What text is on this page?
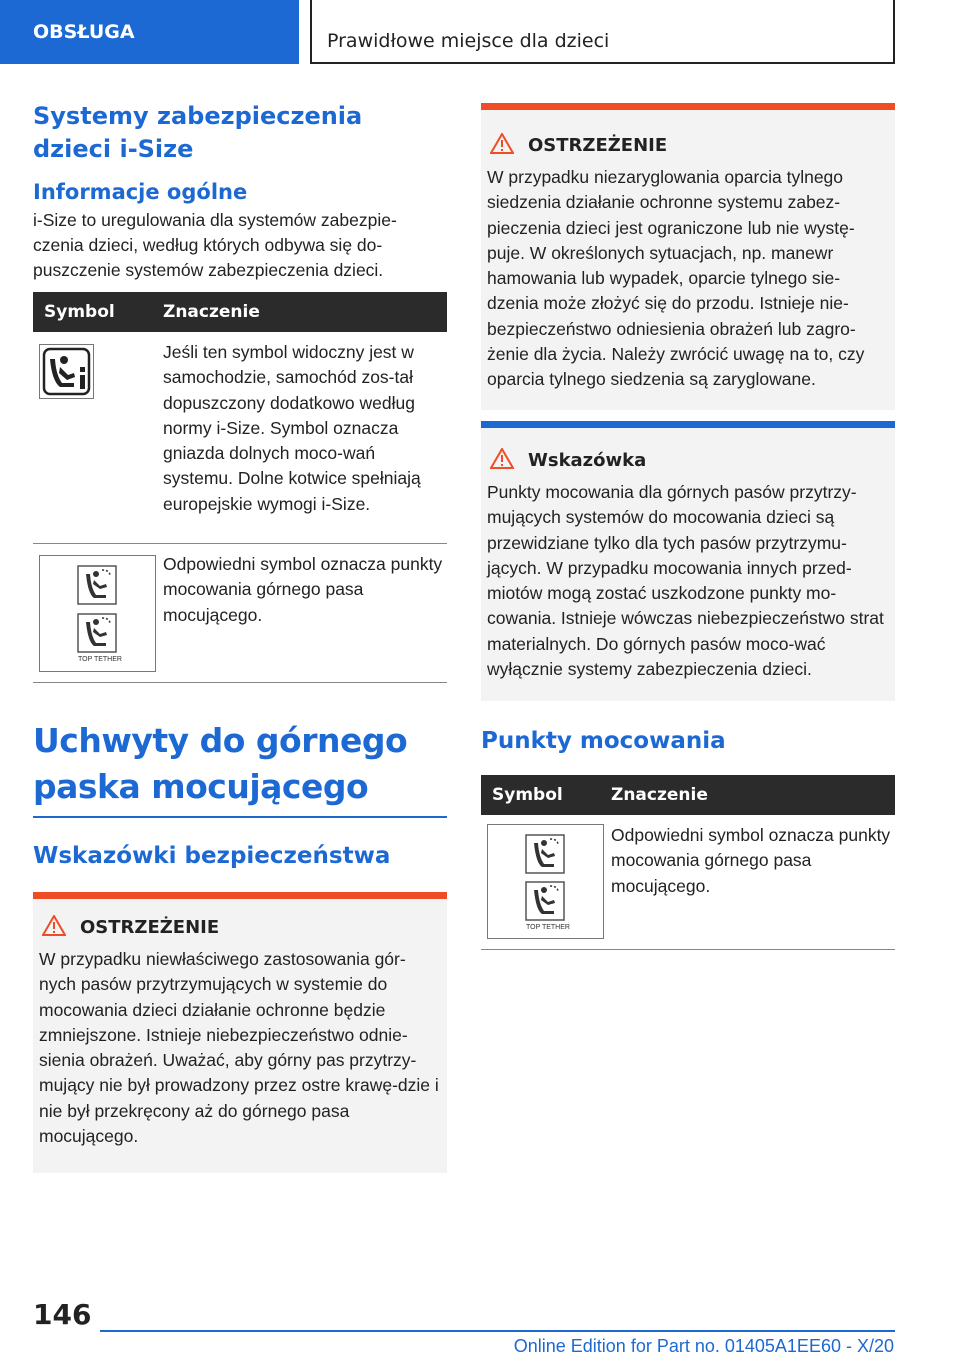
OBSŁUGA	Prawidłowe miejsce dla dzieci
Systemy zabezpieczenia dzieci i-Size
Informacje ogólne

i-Size to uregulowania dla systemów zabezpie-czenia dzieci, według których odbywa się do-puszczenie systemów zabezpieczenia dzieci.

Symbol	Znaczenie
Jeśli ten symbol widoczny jest w samochodzie, samochód zos-tał dopuszczony dodatkowo według normy i-Size. Symbol oznacza gniazda dolnych moco-wań systemu. Dolne kotwice spełniają europejskie wymogi i-Size.
TOP TETHER
Odpowiedni symbol oznacza punkty mocowania górnego pasa mocującego.
Uchwyty do górnego paska mocującego
Wskazówki bezpieczeństwa
OSTRZEŻENIE
W przypadku niewłaściwego zastosowania gór-nych pasów przytrzymujących w systemie do mocowania dzieci działanie ochronne będzie zmniejszone. Istnieje niebezpieczeństwo odnie-sienia obrażeń. Uważać, aby górny pas przytrzy-mujący nie był prowadzony przez ostre krawę-dzie i nie był przekręcony aż do górnego pasa mocującego.
OSTRZEŻENIE
W przypadku niezaryglowania oparcia tylnego siedzenia działanie ochronne systemu zabez-pieczenia dzieci jest ograniczone lub nie wystę-puje. W określonych sytuacjach, np. manewr hamowania lub wypadek, oparcie tylnego sie-dzenia może złożyć się do przodu. Istnieje nie-bezpieczeństwo odniesienia obrażeń lub zagro-żenie dla życia. Należy zwrócić uwagę na to, czy oparcia tylnego siedzenia są zaryglowane.
Wskazówka
Punkty mocowania dla górnych pasów przytrzy-mujących systemów do mocowania dzieci są przewidziane tylko dla tych pasów przytrzymu-jących. W przypadku mocowania innych przed-miotów mogą zostać uszkodzone punkty mo-cowania. Istnieje wówczas niebezpieczeństwo strat materialnych. Do górnych pasów moco-wać wyłącznie systemy zabezpieczenia dzieci.
Punkty mocowania
Symbol	Znaczenie
TOP TETHER
Odpowiedni symbol oznacza punkty mocowania górnego pasa mocującego.
146
Online Edition for Part no. 01405A1EE60 - X/20
